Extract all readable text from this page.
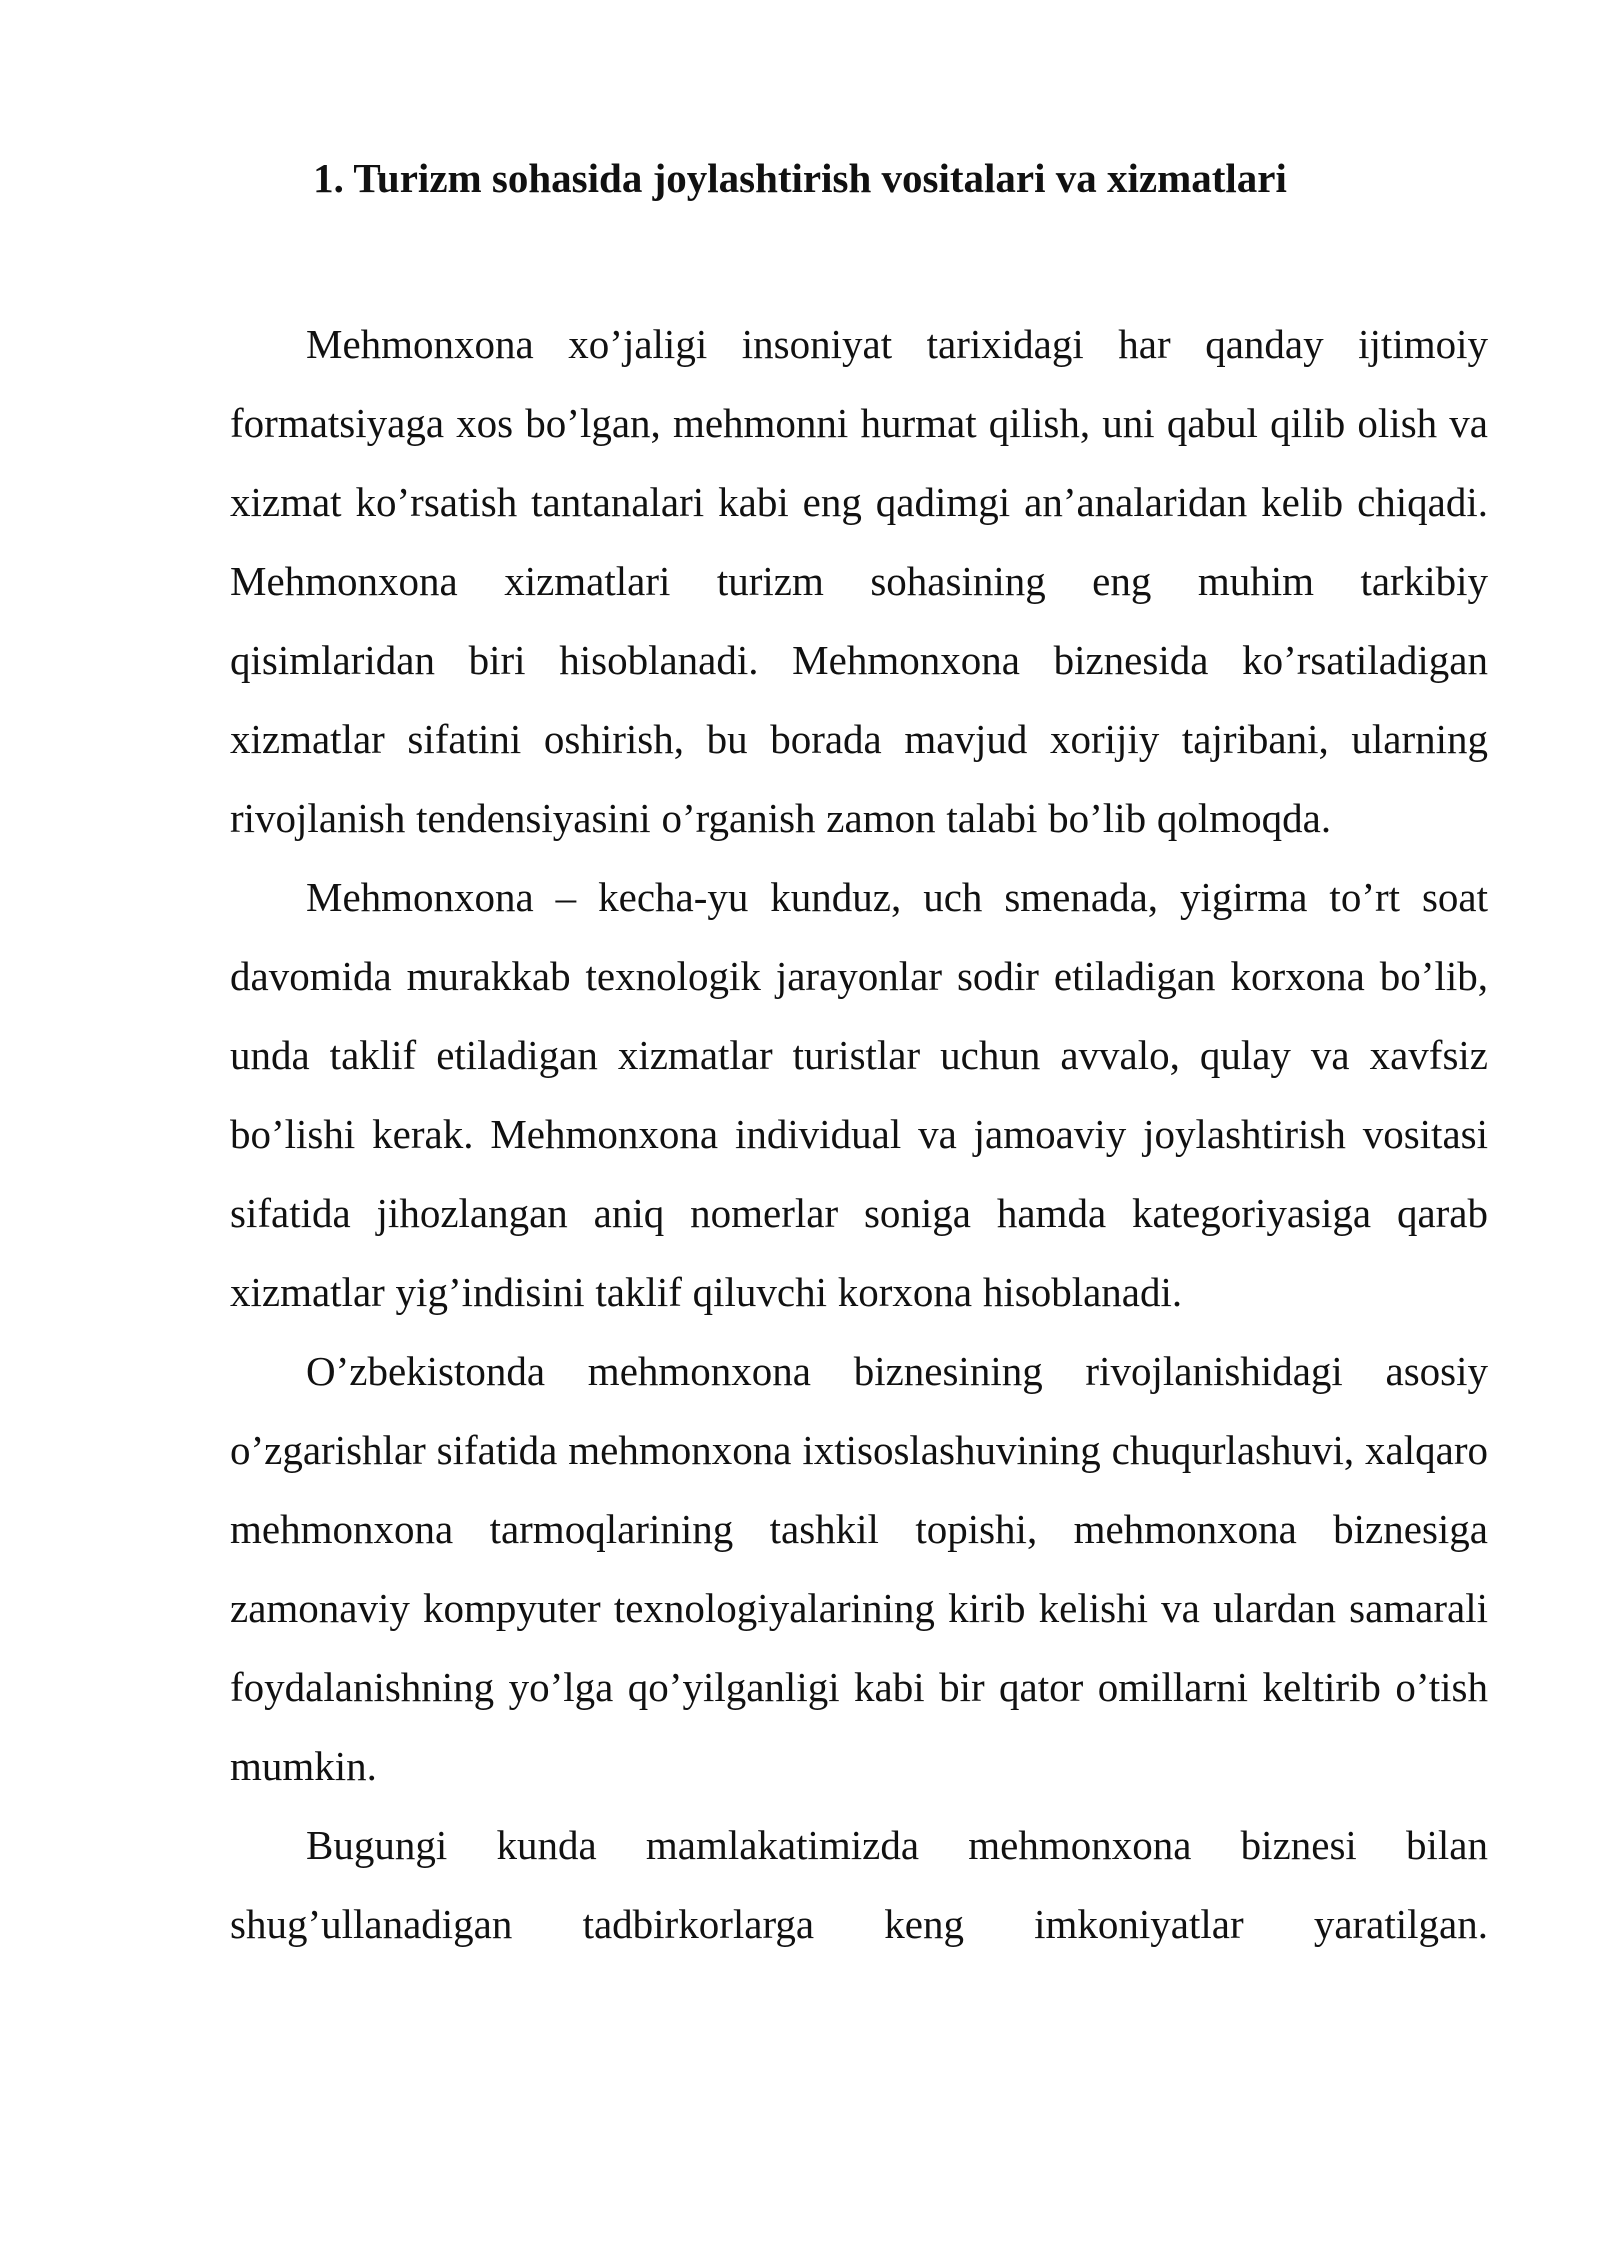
1. Turizm sohasida joylashtirish vositalari va xizmatlari

Mehmonxona xo’jaligi insoniyat tarixidagi har qanday ijtimoiy formatsiyaga xos bo’lgan, mehmonni hurmat qilish, uni qabul qilib olish va xizmat ko’rsatish tantanalari kabi eng qadimgi an’analaridan kelib chiqadi. Mehmonxona xizmatlari turizm sohasining eng muhim tarkibiy qisimlaridan biri hisoblanadi. Mehmonxona biznesida ko’rsatiladigan xizmatlar sifatini oshirish, bu borada mavjud xorijiy tajribani, ularning rivojlanish tendensiyasini o’rganish zamon talabi bo’lib qolmoqda.

Mehmonxona – kecha-yu kunduz, uch smenada, yigirma to’rt soat davomida murakkab texnologik jarayonlar sodir etiladigan korxona bo’lib, unda taklif etiladigan xizmatlar turistlar uchun avvalo, qulay va xavfsiz bo’lishi kerak. Mehmonxona individual va jamoaviy joylashtirish vositasi sifatida jihozlangan aniq nomerlar soniga hamda kategoriyasiga qarab xizmatlar yig’indisini taklif qiluvchi korxona hisoblanadi.

O’zbekistonda mehmonxona biznesining rivojlanishidagi asosiy o’zgarishlar sifatida mehmonxona ixtisoslashuvining chuqurlashuvi, xalqaro mehmonxona tarmoqlarining tashkil topishi, mehmonxona biznesiga zamonaviy kompyuter texnologiyalarining kirib kelishi va ulardan samarali foydalanishning yo’lga qo’yilganligi kabi bir qator omillarni keltirib o’tish mumkin.

Bugungi kunda mamlakatimizda mehmonxona biznesi bilan shug’ullanadigan tadbirkorlarga keng imkoniyatlar yaratilgan.
